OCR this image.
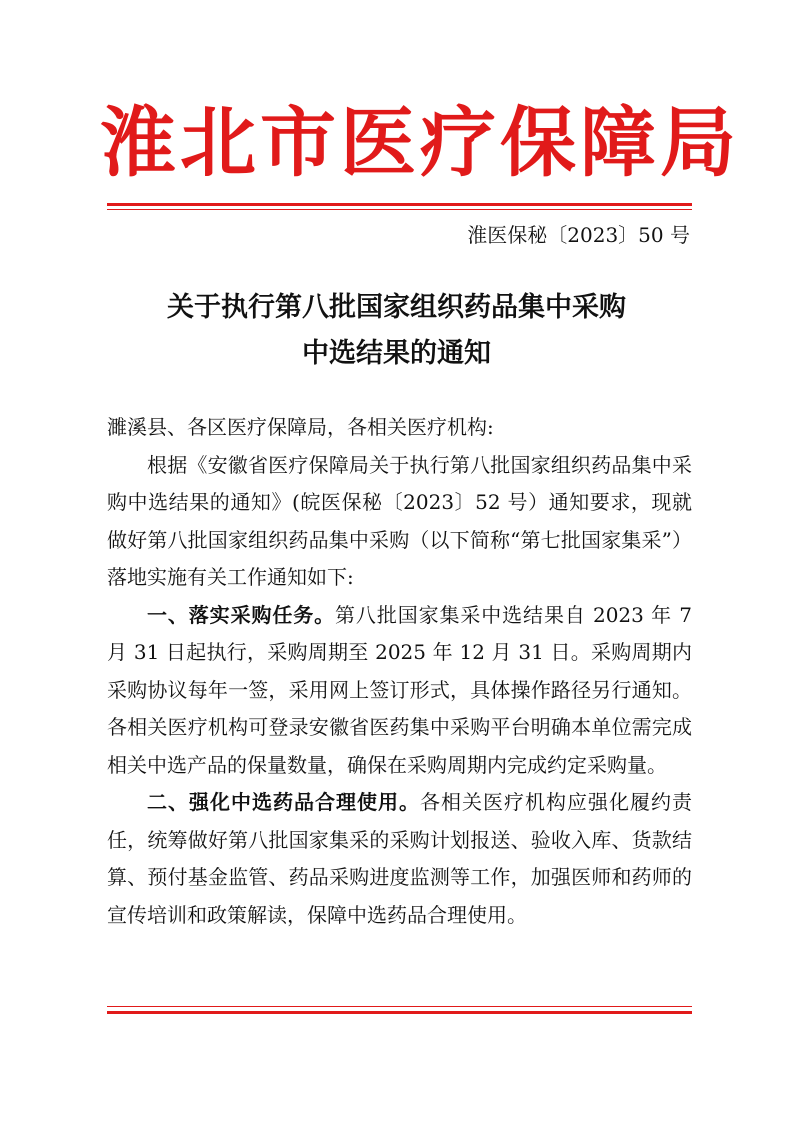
淮北市医疗保障局
淮医保秘〔2023〕50 号
关于执行第八批国家组织药品集中采购
中选结果的通知

濉溪县、各区医疗保障局，各相关医疗机构:

根据《安徽省医疗保障局关于执行第八批国家组织药品集中采购中选结果的通知》(皖医保秘〔2023〕52 号）通知要求，现就做好第八批国家组织药品集中采购（以下简称“第七批国家集采”）落地实施有关工作通知如下:

一、落实采购任务。第八批国家集采中选结果自 2023 年 7 月 31 日起执行，采购周期至 2025 年 12 月 31 日。采购周期内采购协议每年一签，采用网上签订形式，具体操作路径另行通知。各相关医疗机构可登录安徽省医药集中采购平台明确本单位需完成相关中选产品的保量数量，确保在采购周期内完成约定采购量。

二、强化中选药品合理使用。各相关医疗机构应强化履约责任，统筹做好第八批国家集采的采购计划报送、验收入库、货款结算、预付基金监管、药品采购进度监测等工作，加强医师和药师的宣传培训和政策解读，保障中选药品合理使用。
